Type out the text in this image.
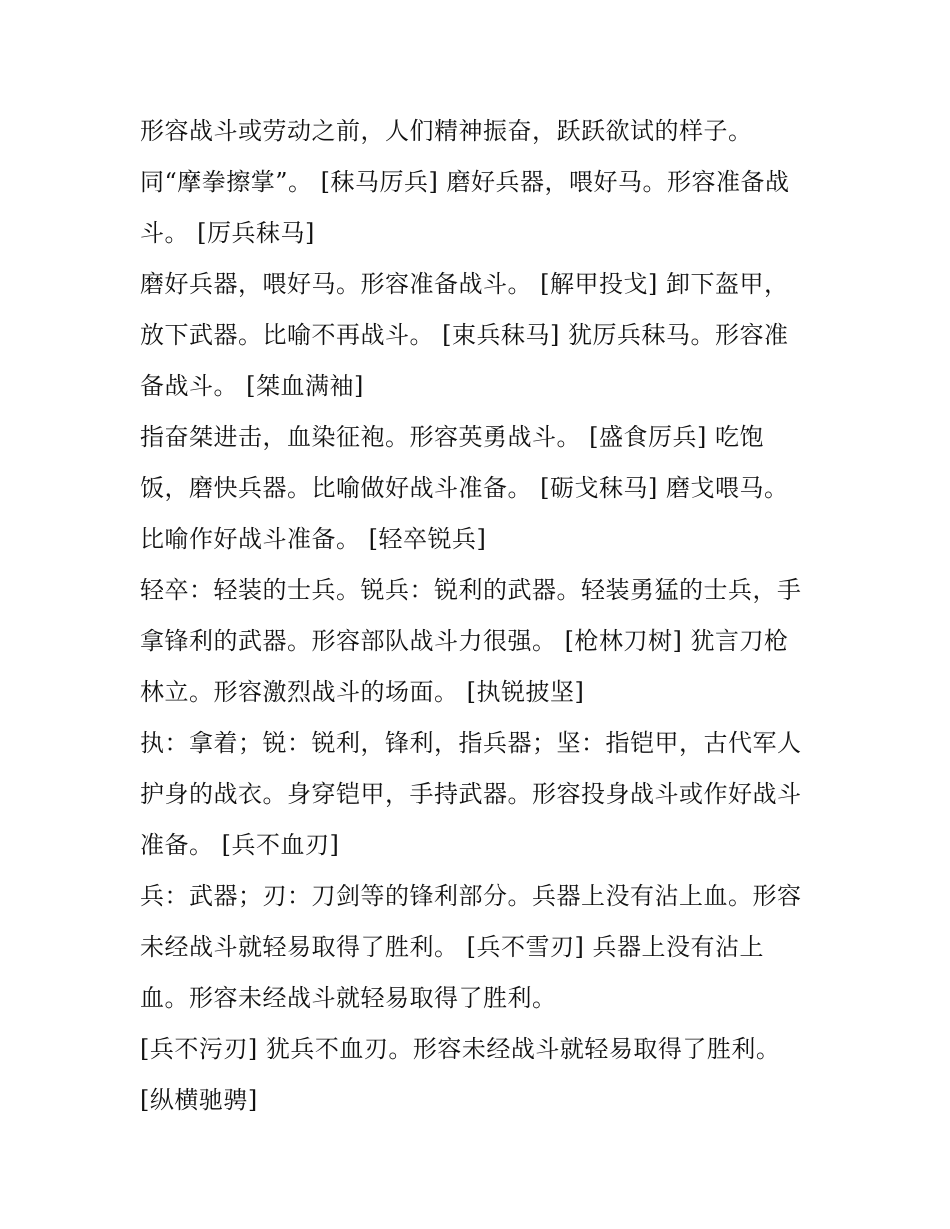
形容战斗或劳动之前，人们精神振奋，跃跃欲试的样子。
同“摩拳擦掌”。 [秣马厉兵] 磨好兵器，喂好马。形容准备战
斗。 [厉兵秣马]
磨好兵器，喂好马。形容准备战斗。 [解甲投戈] 卸下盔甲，
放下武器。比喻不再战斗。 [束兵秣马] 犹厉兵秣马。形容准
备战斗。 [桀血满袖]
指奋桀进击，血染征袍。形容英勇战斗。 [盛食厉兵] 吃饱
饭，磨快兵器。比喻做好战斗准备。 [砺戈秣马] 磨戈喂马。
比喻作好战斗准备。 [轻卒锐兵]
轻卒：轻装的士兵。锐兵：锐利的武器。轻装勇猛的士兵，手
拿锋利的武器。形容部队战斗力很强。 [枪林刀树] 犹言刀枪
林立。形容激烈战斗的场面。 [执锐披坚]
执：拿着；锐：锐利，锋利，指兵器；坚：指铠甲，古代军人
护身的战衣。身穿铠甲，手持武器。形容投身战斗或作好战斗
准备。 [兵不血刃]
兵：武器；刃：刀剑等的锋利部分。兵器上没有沾上血。形容
未经战斗就轻易取得了胜利。 [兵不雪刃] 兵器上没有沾上
血。形容未经战斗就轻易取得了胜利。
[兵不污刃] 犹兵不血刃。形容未经战斗就轻易取得了胜利。
[纵横驰骋]
